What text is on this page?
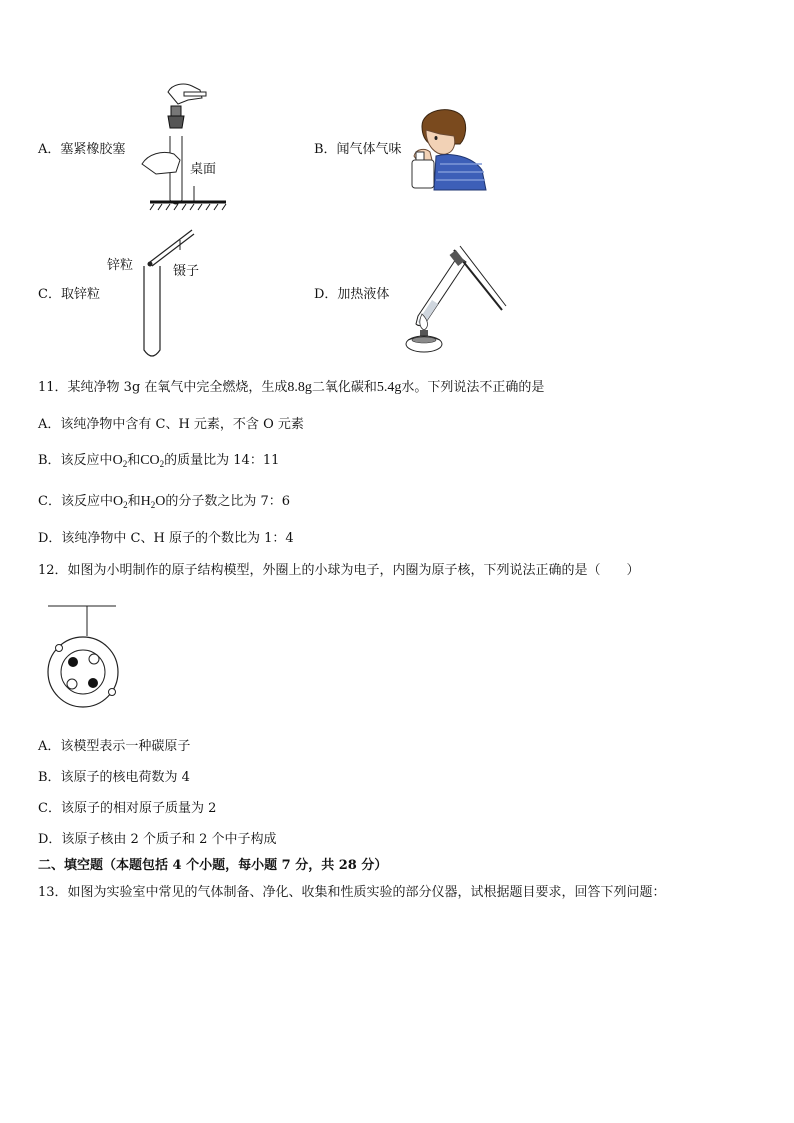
A．塞紧橡胶塞
桌面
B．闻气体气味
C．取锌粒
锌粒	镊子
D．加热液体
11．某纯净物 3g 在氧气中完全燃烧，生成8.8g二氧化碳和5.4g水。下列说法不正确的是
A．该纯净物中含有 C、H 元素，不含 O 元素
B．该反应中$O_2$和$CO_2$的质量比为 14：11
C．该反应中$O_2$和$H_2O$的分子数之比为 7：6
D．该纯净物中 C、H 原子的个数比为 1：4
12．如图为小明制作的原子结构模型，外圈上的小球为电子，内圈为原子核，下列说法正确的是（　　）
A．该模型表示一种碳原子
B．该原子的核电荷数为 4
C．该原子的相对原子质量为 2
D．该原子核由 2 个质子和 2 个中子构成
二、填空题（本题包括 4 个小题，每小题 7 分，共 28 分）
13．如图为实验室中常见的气体制备、净化、收集和性质实验的部分仪器，试根据题目要求，回答下列问题：
